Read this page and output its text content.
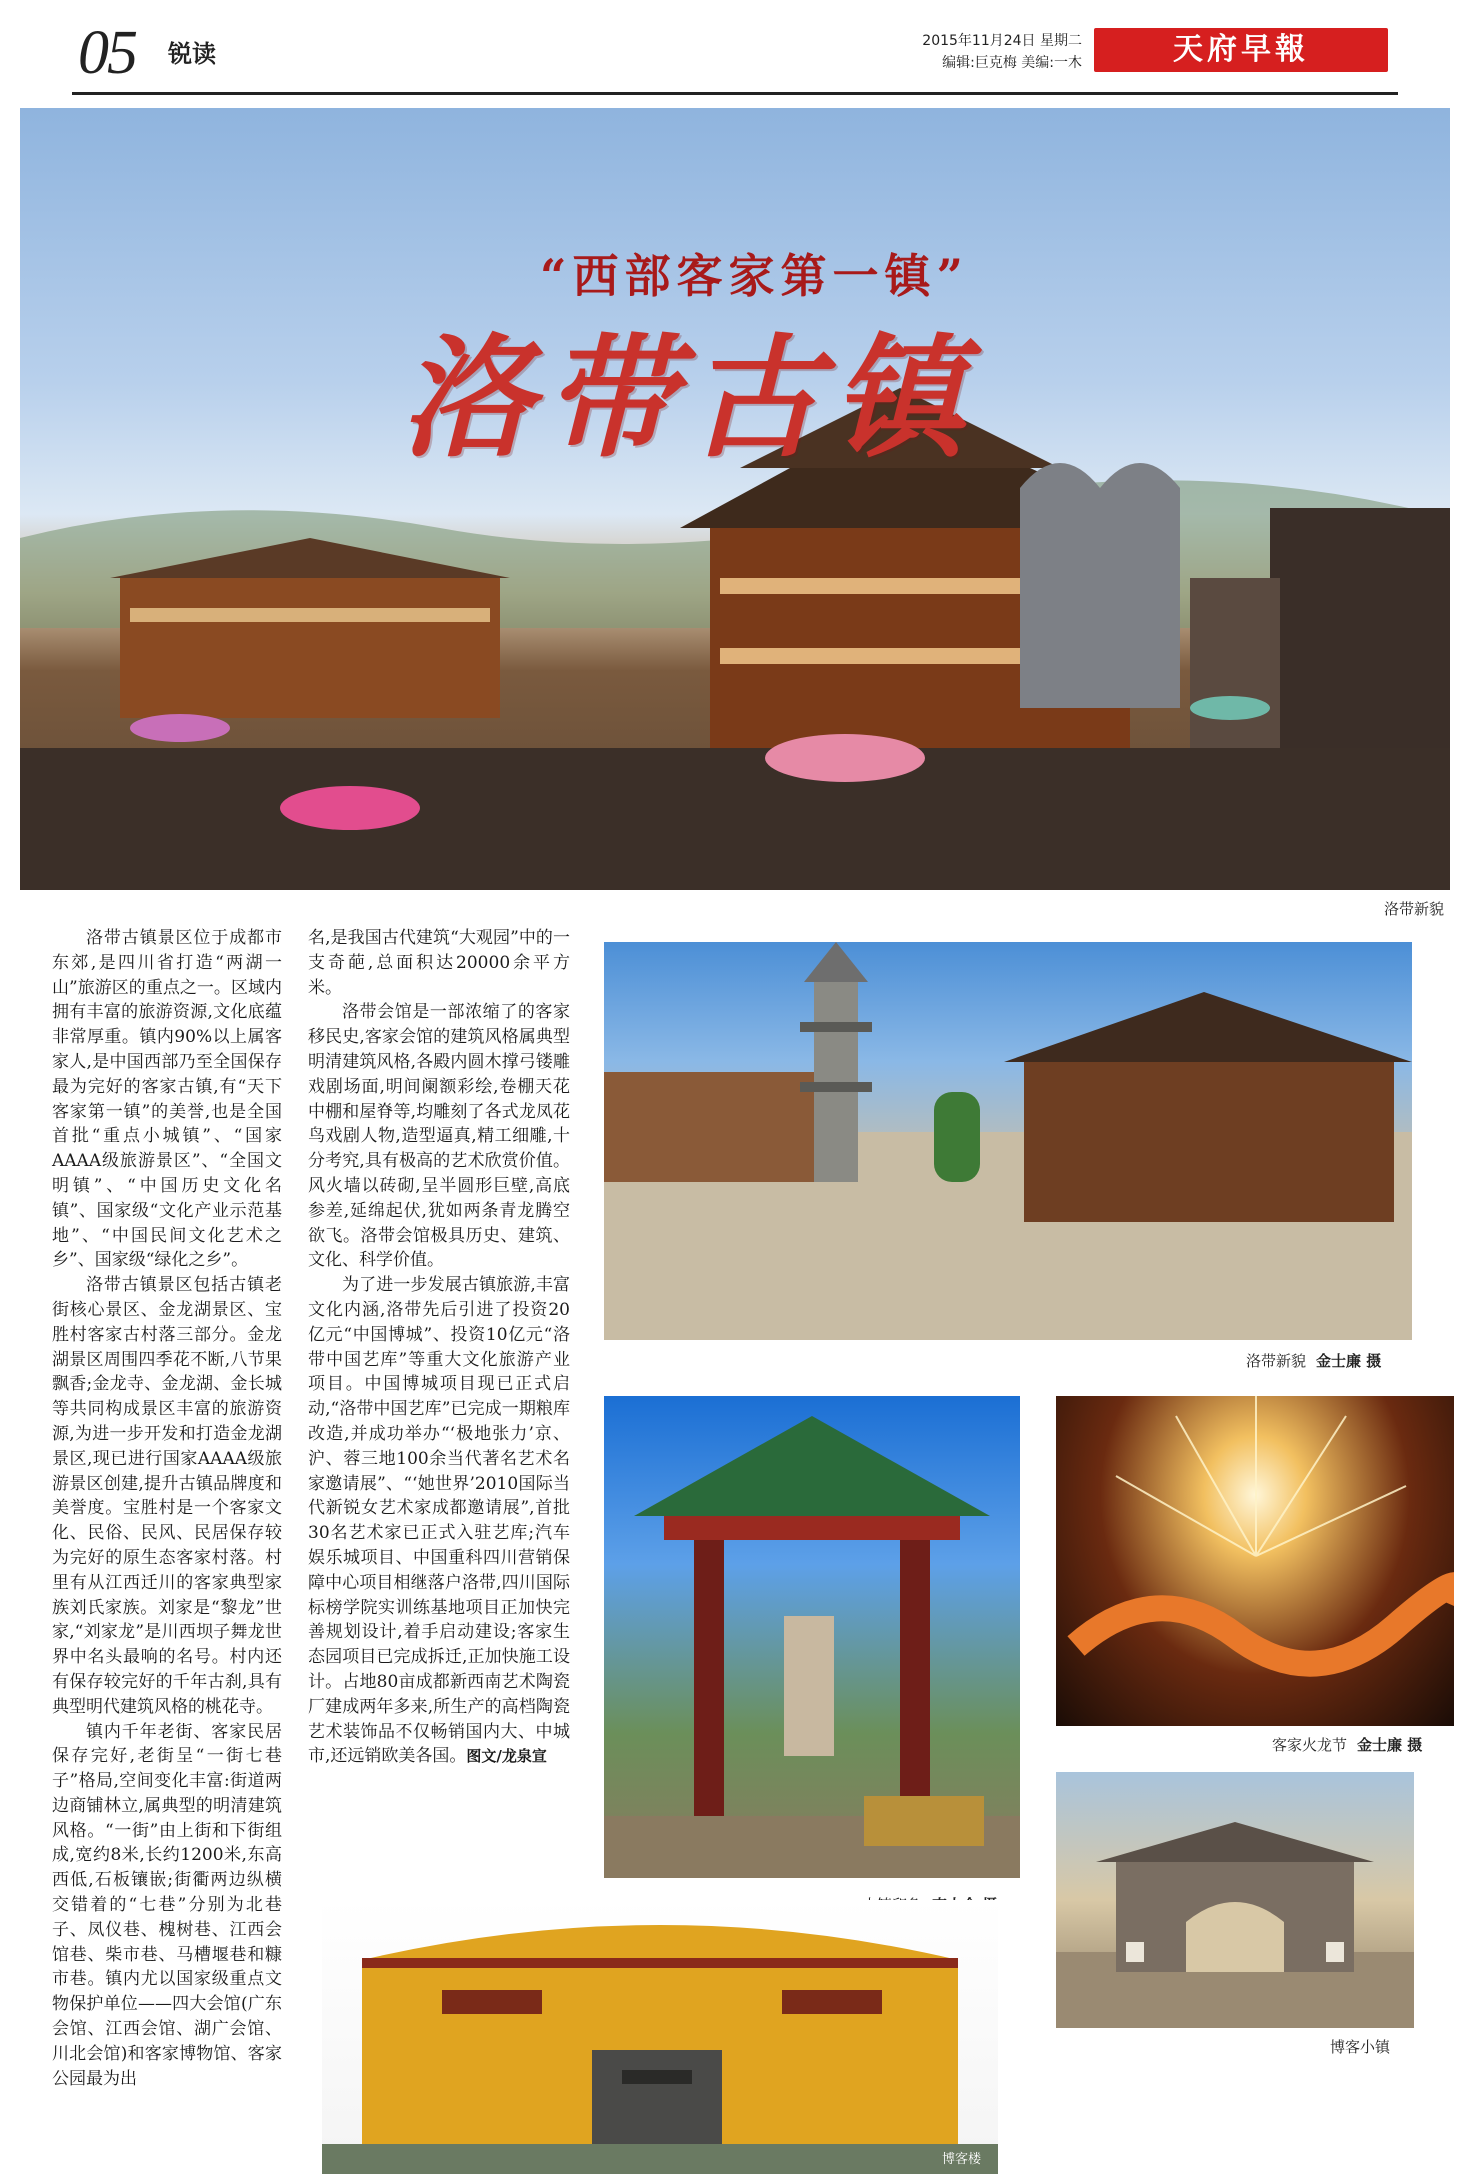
05 锐读	2015年11月24日 星期二
编辑:巨克梅 美编:一木	天府早報
“西部客家第一镇”
洛带古镇
洛带新貌

洛带古镇景区位于成都市东郊,是四川省打造“两湖一山”旅游区的重点之一。区域内拥有丰富的旅游资源,文化底蕴非常厚重。镇内90%以上属客家人,是中国西部乃至全国保存最为完好的客家古镇,有“天下客家第一镇”的美誉,也是全国首批“重点小城镇”、“国家AAAA级旅游景区”、“全国文明镇”、“中国历史文化名镇”、国家级“文化产业示范基地”、“中国民间文化艺术之乡”、国家级“绿化之乡”。

洛带古镇景区包括古镇老街核心景区、金龙湖景区、宝胜村客家古村落三部分。金龙湖景区周围四季花不断,八节果飘香;金龙寺、金龙湖、金长城等共同构成景区丰富的旅游资源,为进一步开发和打造金龙湖景区,现已进行国家AAAA级旅游景区创建,提升古镇品牌度和美誉度。宝胜村是一个客家文化、民俗、民风、民居保存较为完好的原生态客家村落。村里有从江西迁川的客家典型家族刘氏家族。刘家是“黎龙”世家,“刘家龙”是川西坝子舞龙世界中名头最响的名号。村内还有保存较完好的千年古刹,具有典型明代建筑风格的桃花寺。

镇内千年老街、客家民居保存完好,老街呈“一街七巷子”格局,空间变化丰富:街道两边商铺林立,属典型的明清建筑风格。“一街”由上街和下街组成,宽约8米,长约1200米,东高西低,石板镶嵌;街衢两边纵横交错着的“七巷”分别为北巷子、凤仪巷、槐树巷、江西会馆巷、柴市巷、马槽堰巷和糠市巷。镇内尤以国家级重点文物保护单位——四大会馆(广东会馆、江西会馆、湖广会馆、川北会馆)和客家博物馆、客家公园最为出

名,是我国古代建筑“大观园”中的一支奇葩,总面积达20000余平方米。

洛带会馆是一部浓缩了的客家移民史,客家会馆的建筑风格属典型明清建筑风格,各殿内圆木撑弓镂雕戏剧场面,明间阑额彩绘,卷棚天花中棚和屋脊等,均雕刻了各式龙凤花鸟戏剧人物,造型逼真,精工细雕,十分考究,具有极高的艺术欣赏价值。风火墙以砖砌,呈半圆形巨壁,高底参差,延绵起伏,犹如两条青龙腾空欲飞。洛带会馆极具历史、建筑、文化、科学价值。

为了进一步发展古镇旅游,丰富文化内涵,洛带先后引进了投资20亿元“中国博城”、投资10亿元“洛带中国艺库”等重大文化旅游产业项目。中国博城项目现已正式启动,“洛带中国艺库”已完成一期粮库改造,并成功举办“‘极地张力’京、沪、蓉三地100余当代著名艺术名家邀请展”、“‘她世界’2010国际当代新锐女艺术家成都邀请展”,首批30名艺术家已正式入驻艺库;汽车娱乐城项目、中国重科四川营销保障中心项目相继落户洛带,四川国际标榜学院实训练基地项目正加快完善规划设计,着手启动建设;客家生态园项目已完成拆迁,正加快施工设计。占地80亩成都新西南艺术陶瓷厂建成两年多来,所生产的高档陶瓷艺术装饰品不仅畅销国内大、中城市,还远销欧美各国。图文/龙泉宣

洛带新貌 金士廉 摄
客家火龙节 金士廉 摄
博客小镇
博客楼
